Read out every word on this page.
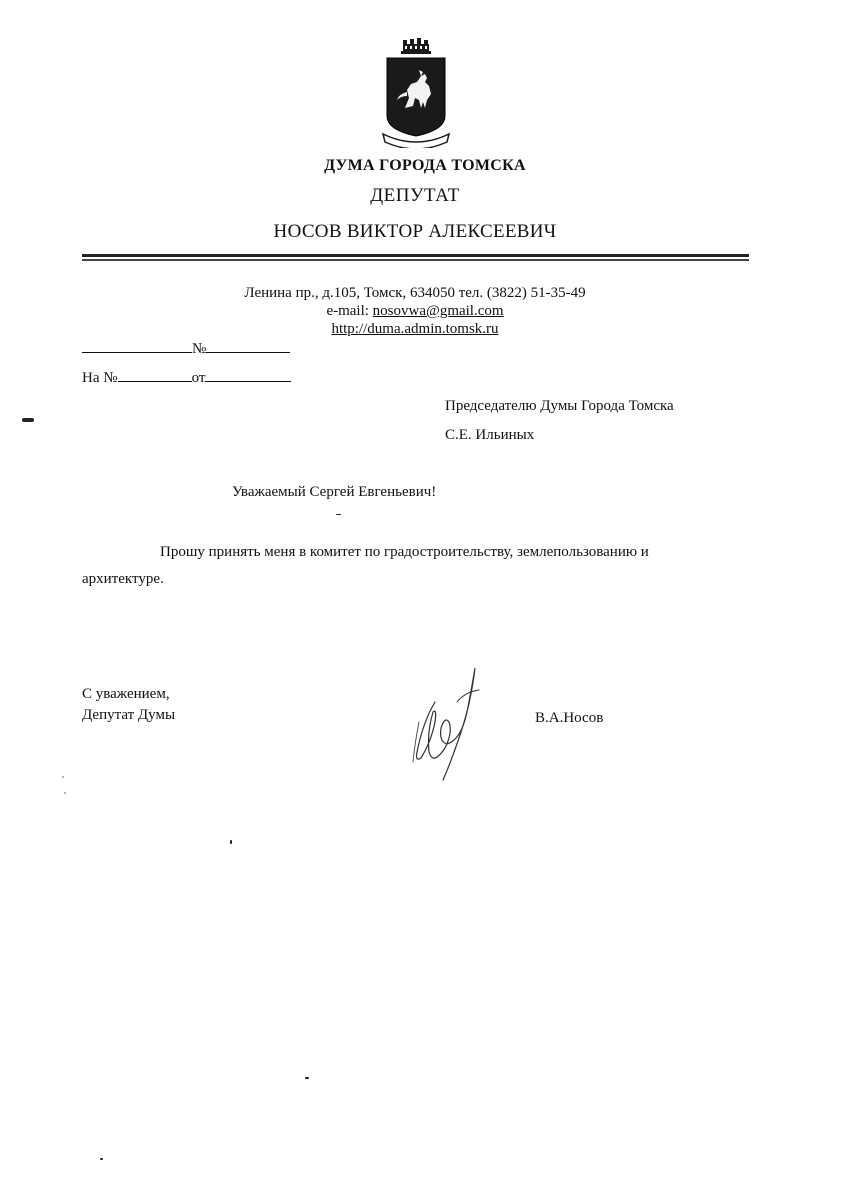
ДУМА ГОРОДА ТОМСКА
ДЕПУТАТ
НОСОВ ВИКТОР АЛЕКСЕЕВИЧ
Ленина пр., д.105, Томск, 634050 тел. (3822) 51-35-49
e-mail: nosovwa@gmail.com
http://duma.admin.tomsk.ru
№
На №	от
Председателю Думы Города Томска
С.Е. Ильиных
Уважаемый Сергей Евгеньевич!
Прошу принять меня в комитет по градостроительству, землепользованию и
архитектуре.
С уважением,
Депутат Думы	В.А.Носов
